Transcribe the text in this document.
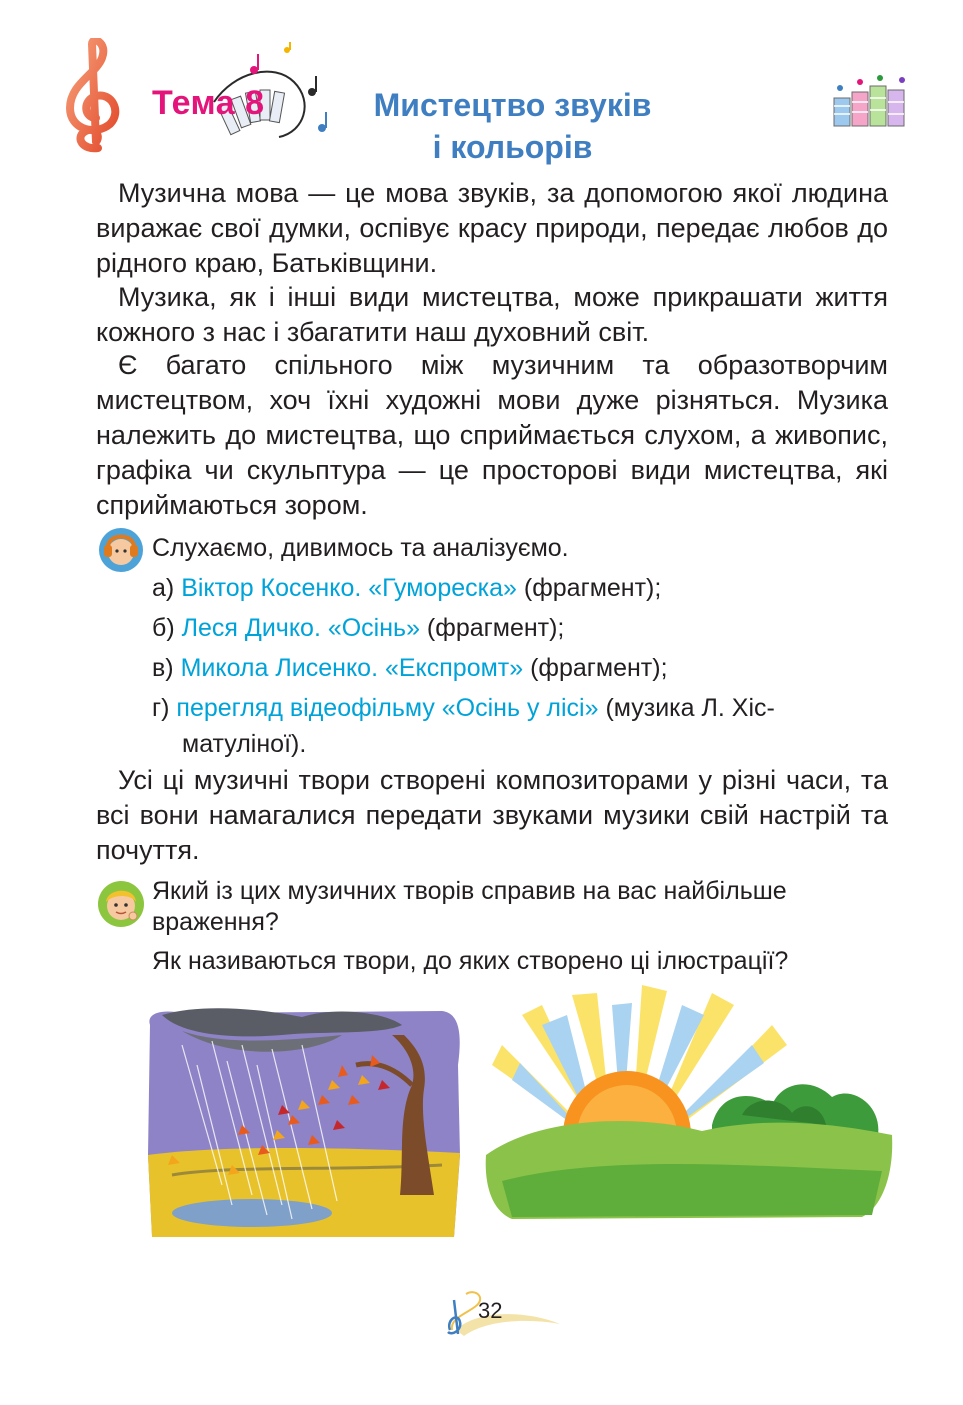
Тема 8	Мистецтво звуків
і кольорів
Музична мова — це мова звуків, за допомогою якої людина виражає свої думки, оспівує красу природи, передає любов до рідного краю, Батьківщини.
Музика, як і інші види мистецтва, може прикрашати життя кожного з нас і збагатити наш духовний світ.
Є багато спільного між музичним та образотворчим мистецтвом, хоч їхні художні мови дуже різняться. Музика належить до мистецтва, що сприймається слухом, а живопис, графіка чи скульптура — це просторові види мистецтва, які сприймаються зором.
Слухаємо, дивимось та аналізуємо.
а) Віктор Косенко. «Гумореска» (фрагмент);
б) Леся Дичко. «Осінь» (фрагмент);
в) Микола Лисенко. «Експромт» (фрагмент);
г) перегляд відеофільму «Осінь у лісі» (музика Л. Хіс-
матуліної).
Усі ці музичні твори створені композиторами у різні часи, та всі вони намагалися передати звуками музики свій настрій та почуття.
Який із цих музичних творів справив на вас найбільше враження?
Як називаються твори, до яких створено ці ілюстрації?
32
